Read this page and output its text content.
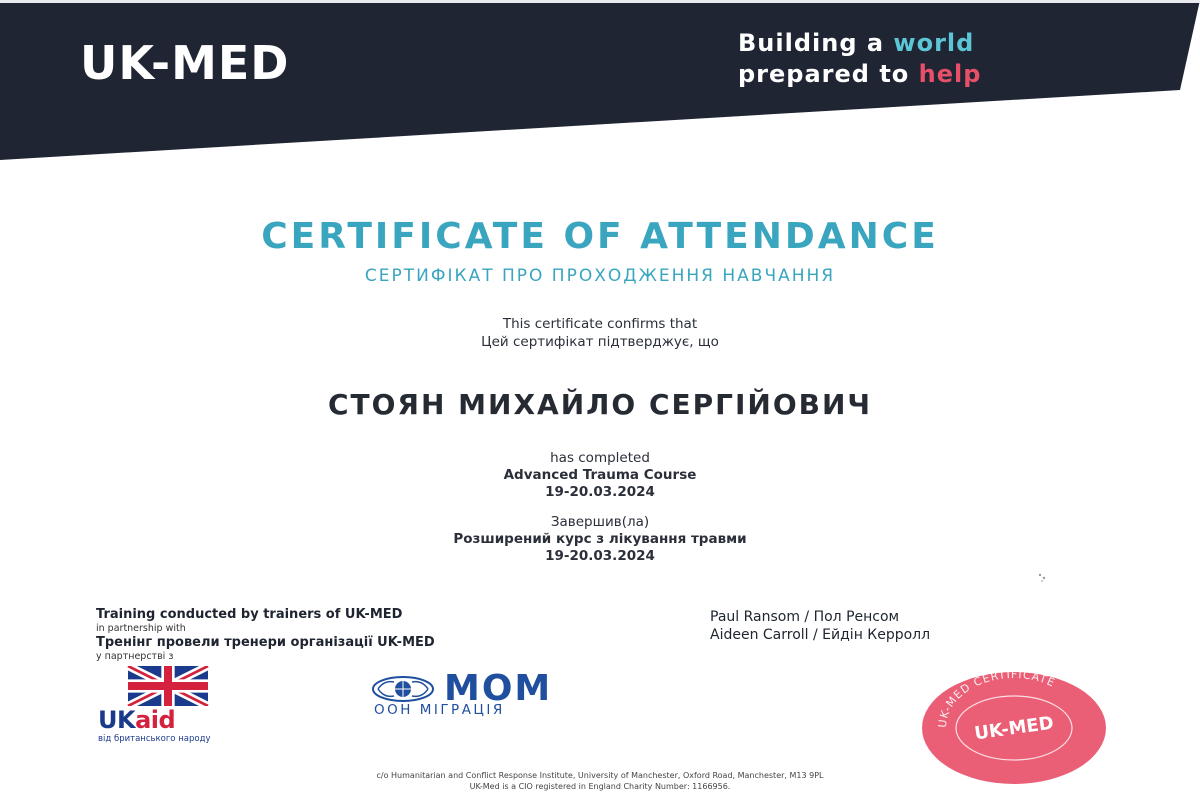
UK-MED	Building a world
prepared to help
CERTIFICATE OF ATTENDANCE
СЕРТИФІКАТ ПРО ПРОХОДЖЕННЯ НАВЧАННЯ
This certificate confirms that
Цей сертифікат підтверджує, що
СТОЯН МИХАЙЛО СЕРГІЙОВИЧ
has completed
Advanced Trauma Course
19-20.03.2024
Завершив(ла)
Розширений курс з лікування травми
19-20.03.2024
Training conducted by trainers of UK-MED
in partnership with
Тренінг провели тренери організації UK-MED
у партнерстві з
Paul Ransom / Пол Ренсом
Aideen Carroll / Ейдін Керролл
UKaid
від британського народу
МОМ
ООН МІГРАЦІЯ
UK-MED CERTIFICATE
UK-MED
c/o Humanitarian and Conflict Response Institute, University of Manchester, Oxford Road, Manchester, M13 9PL
UK-Med is a CIO registered in England Charity Number: 1166956.
